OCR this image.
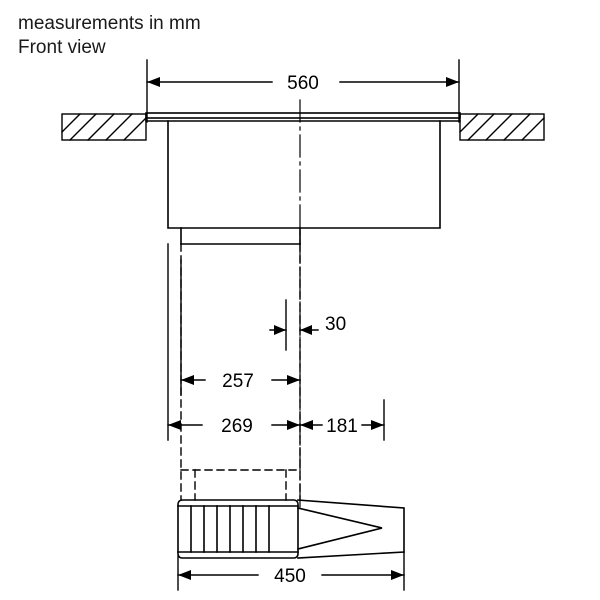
measurements in mm
Front view
560
30
257
269	181
450
